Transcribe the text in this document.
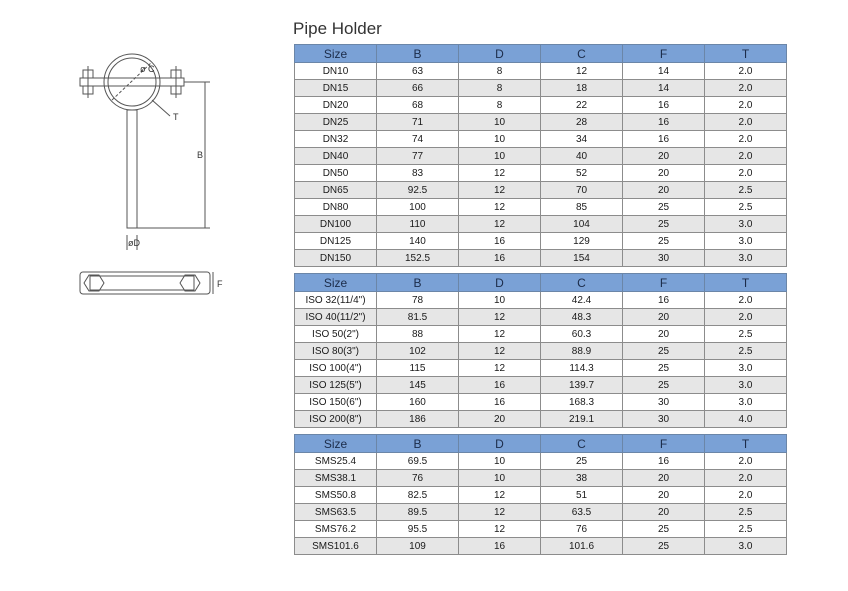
Pipe Holder
ø C
T
B
øD
F
Size	B	D	C	F	T
DN10	63	8	12	14	2.0
DN15	66	8	18	14	2.0
DN20	68	8	22	16	2.0
DN25	71	10	28	16	2.0
DN32	74	10	34	16	2.0
DN40	77	10	40	20	2.0
DN50	83	12	52	20	2.0
DN65	92.5	12	70	20	2.5
DN80	100	12	85	25	2.5
DN100	110	12	104	25	3.0
DN125	140	16	129	25	3.0
DN150	152.5	16	154	30	3.0
Size	B	D	C	F	T
ISO 32(11/4")	78	10	42.4	16	2.0
ISO 40(11/2")	81.5	12	48.3	20	2.0
ISO 50(2")	88	12	60.3	20	2.5
ISO 80(3")	102	12	88.9	25	2.5
ISO 100(4")	115	12	114.3	25	3.0
ISO 125(5")	145	16	139.7	25	3.0
ISO 150(6")	160	16	168.3	30	3.0
ISO 200(8")	186	20	219.1	30	4.0
Size	B	D	C	F	T
SMS25.4	69.5	10	25	16	2.0
SMS38.1	76	10	38	20	2.0
SMS50.8	82.5	12	51	20	2.0
SMS63.5	89.5	12	63.5	20	2.5
SMS76.2	95.5	12	76	25	2.5
SMS101.6	109	16	101.6	25	3.0
